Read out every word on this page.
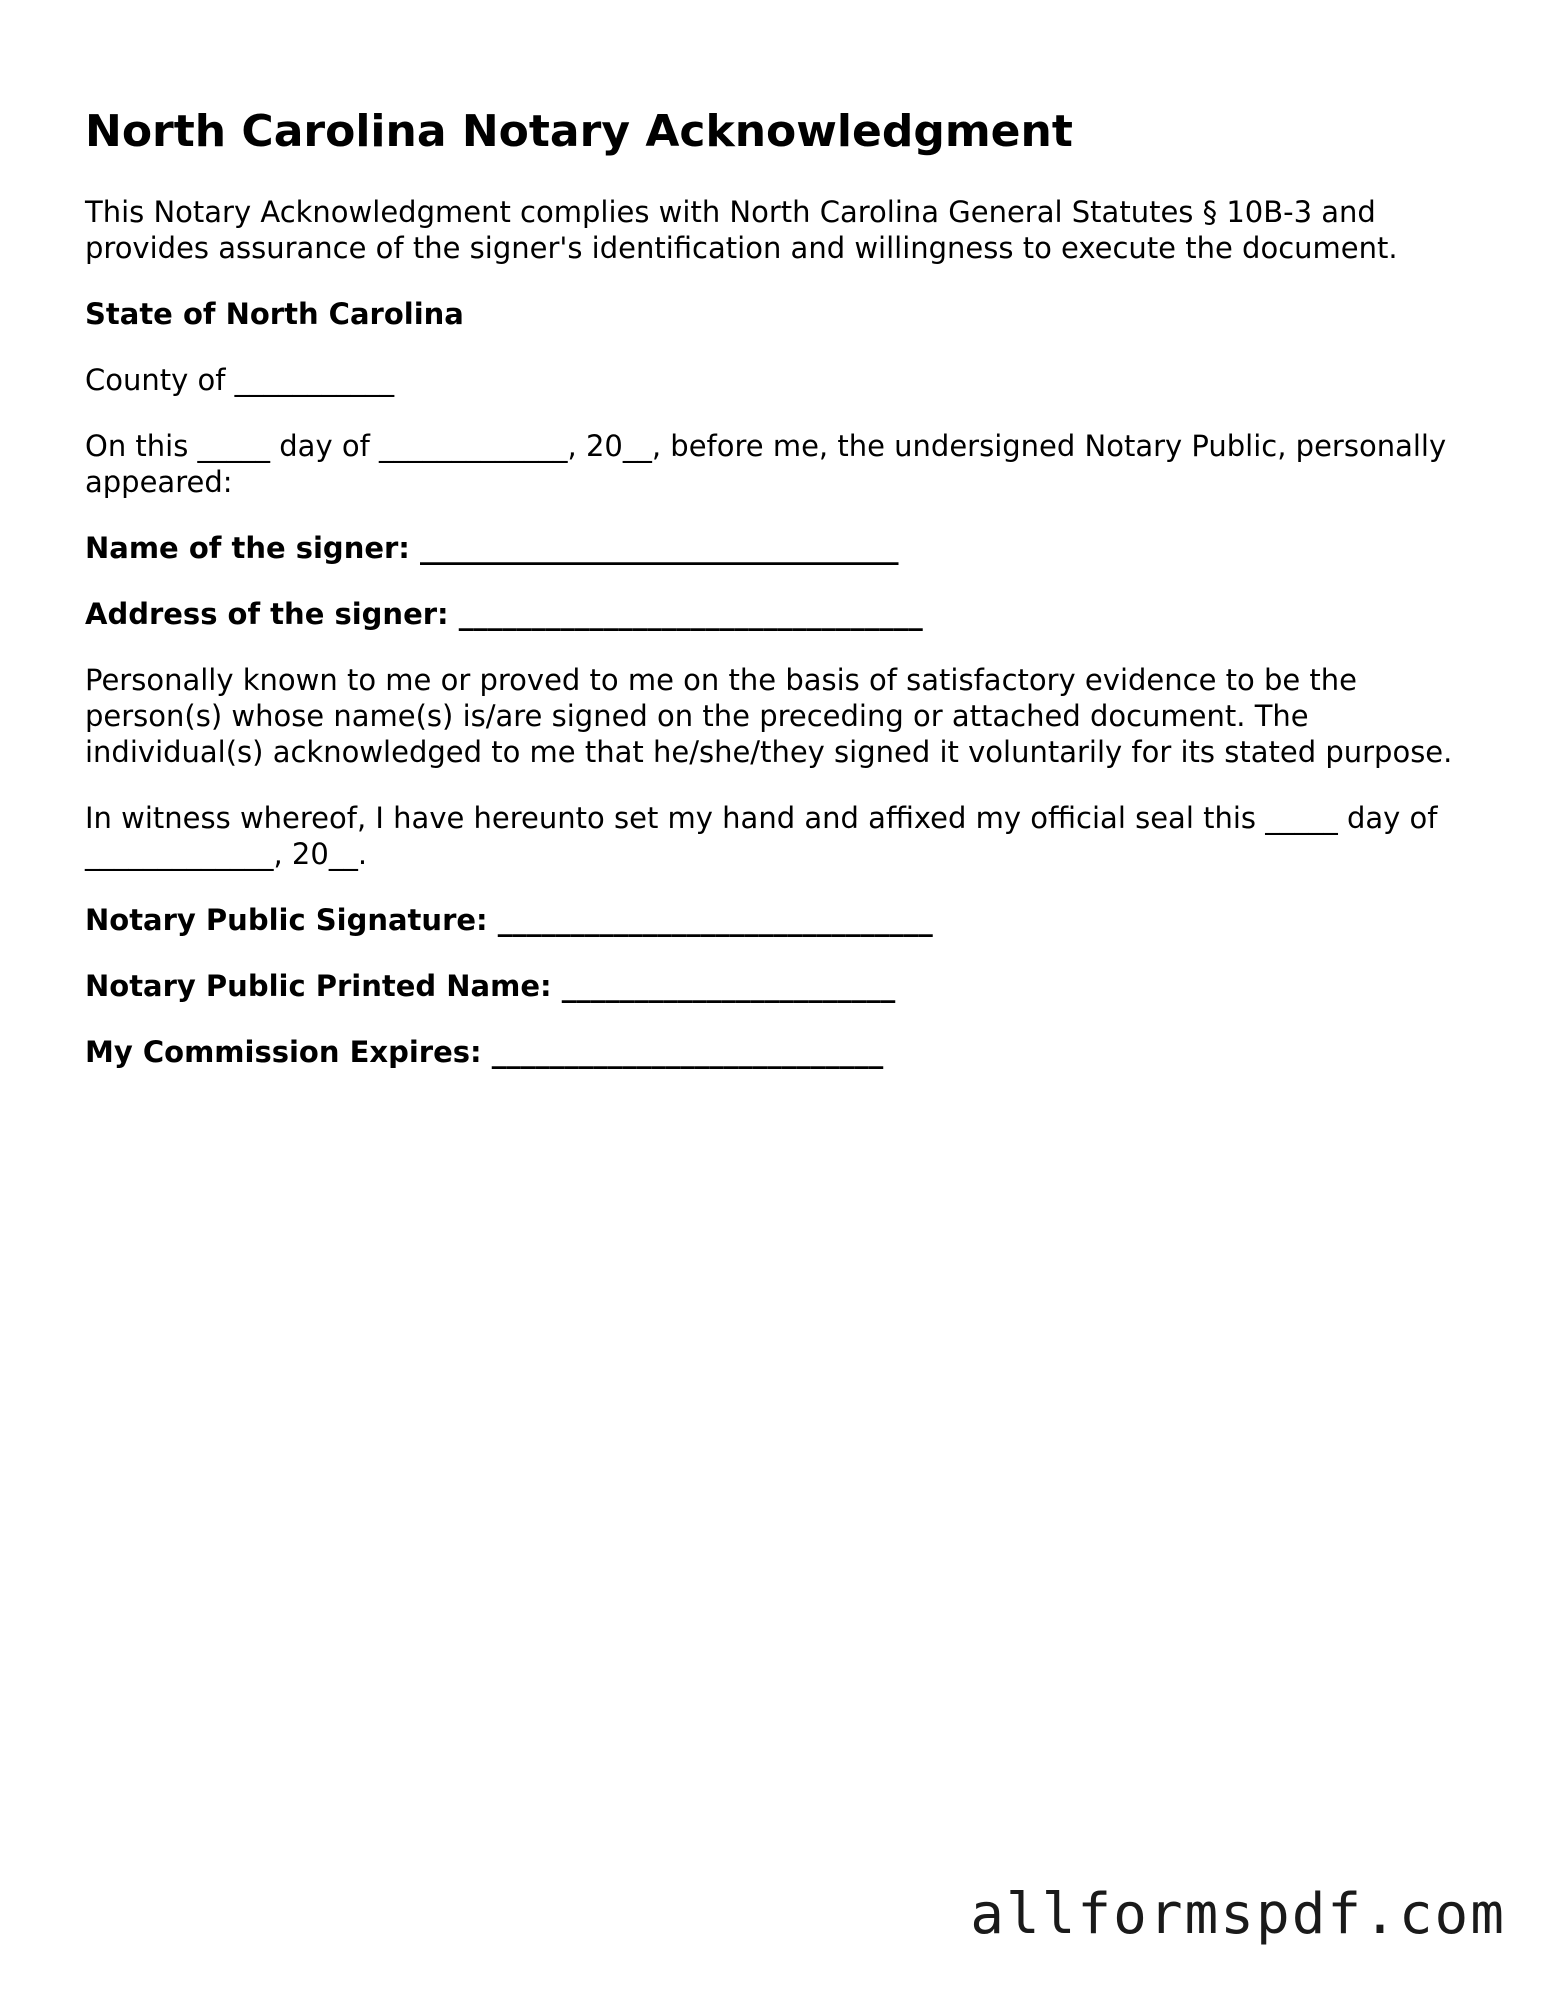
North Carolina Notary Acknowledgment

This Notary Acknowledgment complies with North Carolina General Statutes § 10B-3 and provides assurance of the signer's identification and willingness to execute the document.

State of North Carolina

County of ___________

On this _____ day of _____________, 20__, before me, the undersigned Notary Public, personally appeared:

Name of the signer: _________________________________

Address of the signer: ________________________________

Personally known to me or proved to me on the basis of satisfactory evidence to be the person(s) whose name(s) is/are signed on the preceding or attached document. The individual(s) acknowledged to me that he/she/they signed it voluntarily for its stated purpose.

In witness whereof, I have hereunto set my hand and affixed my official seal this _____ day of _____________, 20__.

Notary Public Signature: ______________________________

Notary Public Printed Name: _______________________

My Commission Expires: ___________________________

allformspdf.com
